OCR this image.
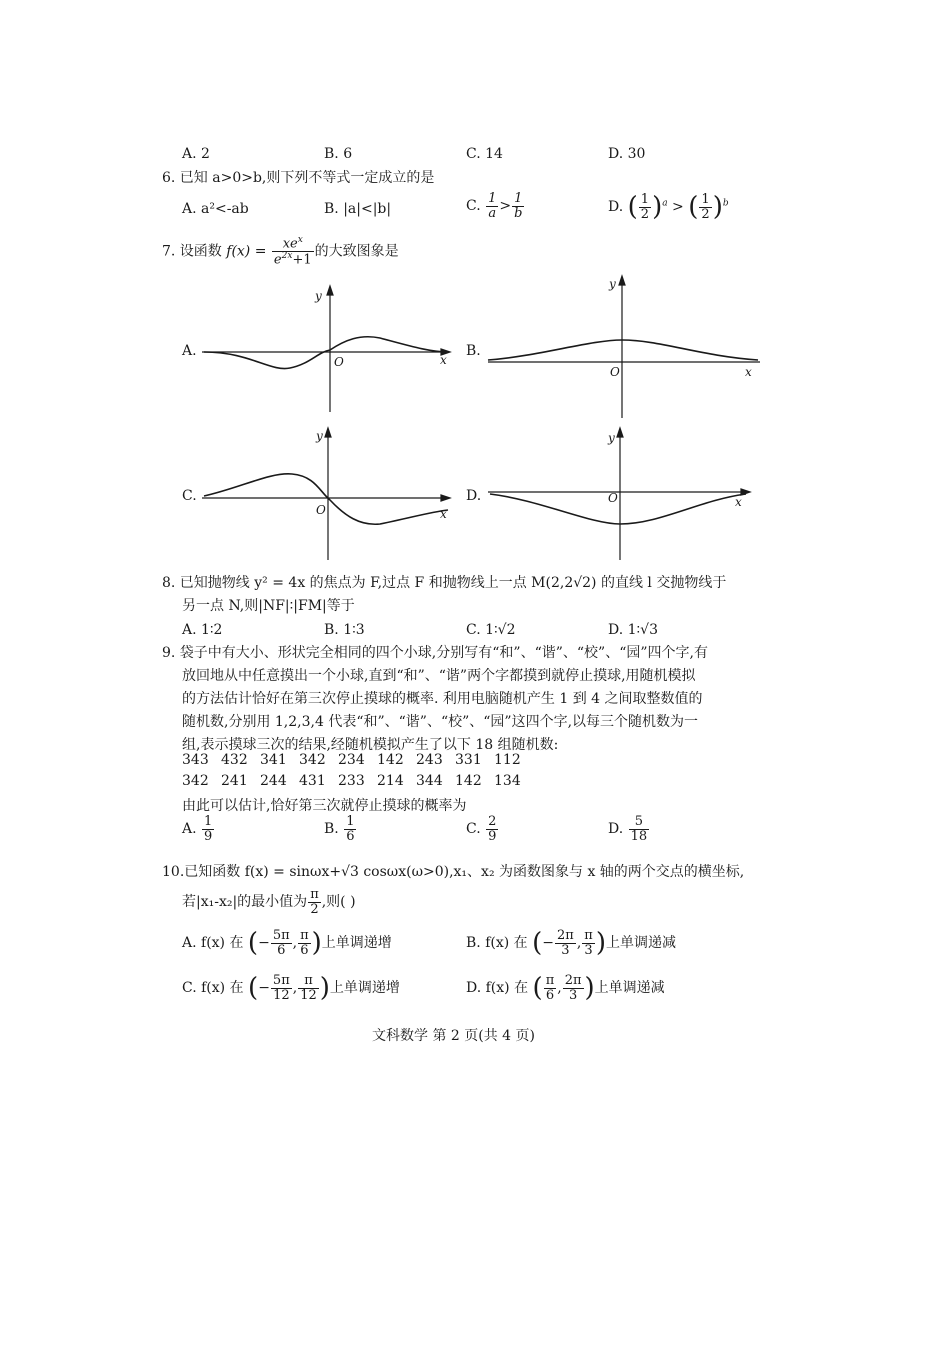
A. 2	B. 6	C. 14	D. 30
6. 已知 a>0>b,则下列不等式一定成立的是
A. a²<-ab	B. |a|<|b|	C. $\frac{1}{a} > \frac{1}{b}$	D. ( $\frac{1}{2} )^a$ > ( $\frac{1}{2} )^b$
7. 设函数 $f(x) = \frac{xe^x}{e^{2x}+1}$ 的大致图象是
A.	B.
C.	D.
y
x
O
y
x
O
y
x
O
y
x
O
8. 已知抛物线 y² = 4x 的焦点为 F,过点 F 和抛物线上一点 M(2,2√2) 的直线 l 交抛物线于
另一点 N,则|NF|∶|FM|等于
A. 1∶2	B. 1∶3	C. 1∶√2	D. 1∶√3
9. 袋子中有大小、形状完全相同的四个小球,分别写有“和”、“谐”、“校”、“园”四个字,有
放回地从中任意摸出一个小球,直到“和”、“谐”两个字都摸到就停止摸球,用随机模拟
的方法估计恰好在第三次停止摸球的概率. 利用电脑随机产生 1 到 4 之间取整数值的
随机数,分别用 1,2,3,4 代表“和”、“谐”、“校”、“园”这四个字,以每三个随机数为一
组,表示摸球三次的结果,经随机模拟产生了以下 18 组随机数:
343 432 341 342 234 142 243 331 112
342 241 244 431 233 214 344 142 134
由此可以估计,恰好第三次就停止摸球的概率为
A. $\frac{1}{9}$	B. $\frac{1}{6}$	C. $\frac{2}{9}$	D. $\frac{5}{18}$
10.已知函数 f(x) = sinωx+√3 cosωx(ω>0),x₁、x₂ 为函数图象与 x 轴的两个交点的横坐标,
若|x₁-x₂|的最小值为 $\frac{\pi}{2}$ ,则( )
A. f(x) 在 (− $\frac{5\pi}{6}$ , $\frac{\pi}{6}$ )上单调递增	B. f(x) 在 (− $\frac{2\pi}{3}$ , $\frac{\pi}{3}$ )上单调递减
C. f(x) 在 (− $\frac{5\pi}{12}$ , $\frac{\pi}{12}$ )上单调递增	D. f(x) 在 ( $\frac{\pi}{6}$ , $\frac{2\pi}{3}$ )上单调递减
文科数学 第 2 页(共 4 页)
